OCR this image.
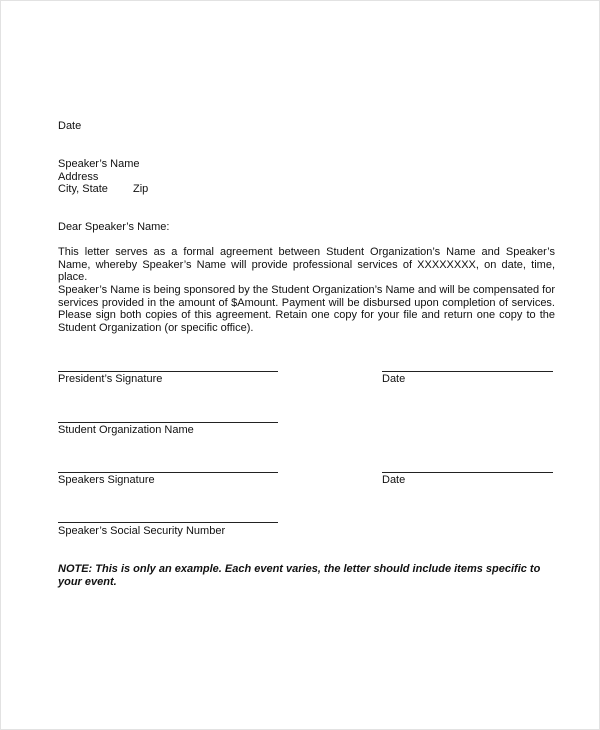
Date
Speaker’s Name
Address
City, State Zip
Dear Speaker’s Name:
This letter serves as a formal agreement between Student Organization’s Name and Speaker’s Name, whereby Speaker’s Name will provide professional services of XXXXXXXX, on date, time, place.
Speaker’s Name is being sponsored by the Student Organization’s Name and will be compensated for services provided in the amount of $Amount. Payment will be disbursed upon completion of services. Please sign both copies of this agreement. Retain one copy for your file and return one copy to the Student Organization (or specific office).
President’s Signature	Date
Student Organization Name
Speakers Signature	Date
Speaker’s Social Security Number
NOTE: This is only an example. Each event varies, the letter should include items specific to your event.
